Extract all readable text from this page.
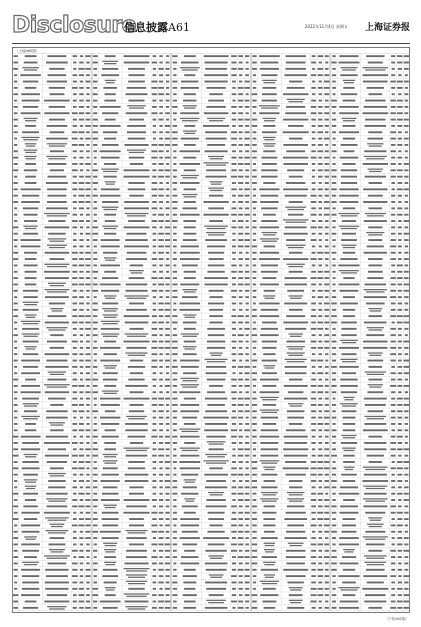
Disclosure
信息披露A61	2022年11月4日 星期五 上海证券报
（上接A60版）
（下转A62版）
